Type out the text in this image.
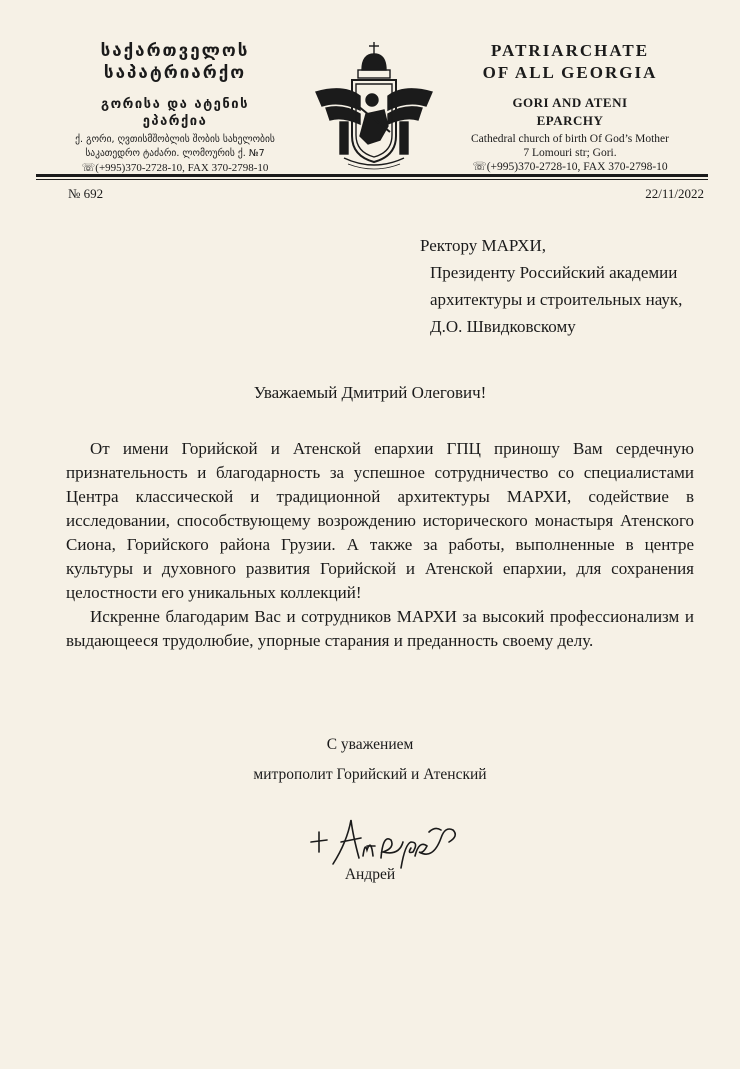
საქართველოს
საპატრიარქო
გორისა და ატენის
ეპარქია
ქ. გორი, ღვთისმშობლის შობის სახელობის
საკათედრო ტაძარი. ლომოურის ქ. №7
☏(+995)370-2728-10, FAX 370-2798-10
PATRIARCHATE
OF ALL GEORGIA
GORI AND ATENI
EPARCHY
Cathedral church of birth Of God’s Mother
7 Lomouri str; Gori.
☏(+995)370-2728-10, FAX 370-2798-10
№ 692	22/11/2022
Ректору МАРХИ,
Президенту Российский академии
архитектуры и строительных наук,
Д.О. Швидковскому
Уважаемый Дмитрий Олегович!

От имени Горийской и Атенской епархии ГПЦ приношу Вам сердечную признательность и благодарность за успешное сотрудничество со специалистами Центра классической и традиционной архитектуры МАРХИ, содействие в исследовании, способствующему возрождению исторического монастыря Атенского Сиона, Горийского района Грузии. А также за работы, выполненные в центре культуры и духовного развития Горийской и Атенской епархии, для сохранения целостности его уникальных коллекций!

Искренне благодарим Вас и сотрудников МАРХИ за высокий профессионализм и выдающееся трудолюбие, упорные старания и преданность своему делу.

С уважением
митрополит Горийский и Атенский
Андрей
